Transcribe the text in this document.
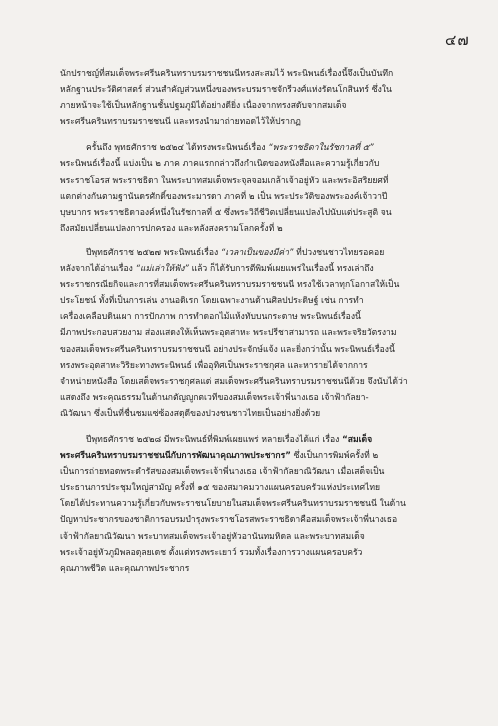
๔๗
นักปราชญ์ที่สมเด็จพระศรีนครินทราบรมราชชนนีทรงสะสมไว้ พระนิพนธ์เรื่องนี้จึงเป็นบันทึก
หลักฐานประวัติศาสตร์ ส่วนสำคัญส่วนหนึ่งของพระบรมราชจักรีวงศ์แห่งรัตนโกสินทร์ ซึ่งใน
ภายหน้าจะใช้เป็นหลักฐานชั้นปฐมภูมิได้อย่างดียิ่ง เนื่องจากทรงสดับจากสมเด็จ
พระศรีนครินทราบรมราชชนนี และทรงนำมาถ่ายทอดไว้ให้ปรากฏ
ครั้นถึง พุทธศักราช ๒๕๒๔ ได้ทรงพระนิพนธ์เรื่อง “พระราชธิดาในรัชกาลที่ ๕”
พระนิพนธ์เรื่องนี้ แบ่งเป็น ๒ ภาค ภาคแรกกล่าวถึงกำเนิดของหนังสือและความรู้เกี่ยวกับ
พระราชโอรส พระราชธิดา ในพระบาทสมเด็จพระจุลจอมเกล้าเจ้าอยู่หัว และพระอิสริยยศที่
แตกต่างกันตามฐานันดรศักดิ์ของพระมารดา ภาคที่ ๒ เป็น พระประวัติของพระองค์เจ้าวาปี
บุษบากร พระราชธิดาองค์หนึ่งในรัชกาลที่ ๕ ซึ่งพระวิถีชีวิตเปลี่ยนแปลงไปนับแต่ประสูติ จน
ถึงสมัยเปลี่ยนแปลงการปกครอง และหลังสงครามโลกครั้งที่ ๒
ปีพุทธศักราช ๒๕๒๗ พระนิพนธ์เรื่อง “เวลาเป็นของมีค่า” ที่ปวงชนชาวไทยรอคอย
หลังจากได้อ่านเรื่อง “แม่เล่าให้ฟัง” แล้ว ก็ได้รับการตีพิมพ์เผยแพร่ในเรื่องนี้ ทรงเล่าถึง
พระราชกรณียกิจและการที่สมเด็จพระศรีนครินทราบรมราชชนนี ทรงใช้เวลาทุกโอกาสให้เป็น
ประโยชน์ ทั้งที่เป็นการเล่น งานอดิเรก โดยเฉพาะงานด้านศิลปประดิษฐ์ เช่น การทำ
เครื่องเคลือบดินเผา การปักภาพ การทำดอกไม้แห้งทับบนกระดาษ พระนิพนธ์เรื่องนี้
มีภาพประกอบสวยงาม ส่องแสดงให้เห็นพระอุตสาหะ พระปรีชาสามารถ และพระจริยวัตรงาม
ของสมเด็จพระศรีนครินทราบรมราชชนนี อย่างประจักษ์แจ้ง และยิ่งกว่านั้น พระนิพนธ์เรื่องนี้
ทรงพระอุตสาหะวิริยะทางพระนิพนธ์ เพื่ออุทิศเป็นพระราชกุศล และหารายได้จากการ
จำหน่ายหนังสือ โดยเสด็จพระราชกุศลแด่ สมเด็จพระศรีนครินทราบรมราชชนนีด้วย จึงนับได้ว่า
แสดงถึง พระคุณธรรมในด้านกตัญญูกตเวทีของสมเด็จพระเจ้าพี่นางเธอ เจ้าฟ้ากัลยา-
ณิวัฒนา ซึ่งเป็นที่ชื่นชมแซ่ซ้องสดุดีของปวงชนชาวไทยเป็นอย่างยิ่งด้วย
ปีพุทธศักราช ๒๕๒๘ มีพระนิพนธ์ที่พิมพ์เผยแพร่ หลายเรื่องได้แก่ เรื่อง “สมเด็จ
พระศรีนครินทราบรมราชชนนีกับการพัฒนาคุณภาพประชากร” ซึ่งเป็นการพิมพ์ครั้งที่ ๒
เป็นการถ่ายทอดพระดำรัสของสมเด็จพระเจ้าพี่นางเธอ เจ้าฟ้ากัลยาณิวัฒนา เมื่อเสด็จเป็น
ประธานการประชุมใหญ่สามัญ ครั้งที่ ๑๕ ของสมาคมวางแผนครอบครัวแห่งประเทศไทย
โดยได้ประทานความรู้เกี่ยวกับพระราชนโยบายในสมเด็จพระศรีนครินทราบรมราชชนนี ในด้าน
ปัญหาประชากรของชาติการอบรมบำรุงพระราชโอรสพระราชธิดาคือสมเด็จพระเจ้าพี่นางเธอ
เจ้าฟ้ากัลยาณิวัฒนา พระบาทสมเด็จพระเจ้าอยู่หัวอานันทมหิดล และพระบาทสมเด็จ
พระเจ้าอยู่หัวภูมิพลอดุลยเดช ตั้งแต่ทรงพระเยาว์ รวมทั้งเรื่องการวางแผนครอบครัว
คุณภาพชีวิต และคุณภาพประชากร
